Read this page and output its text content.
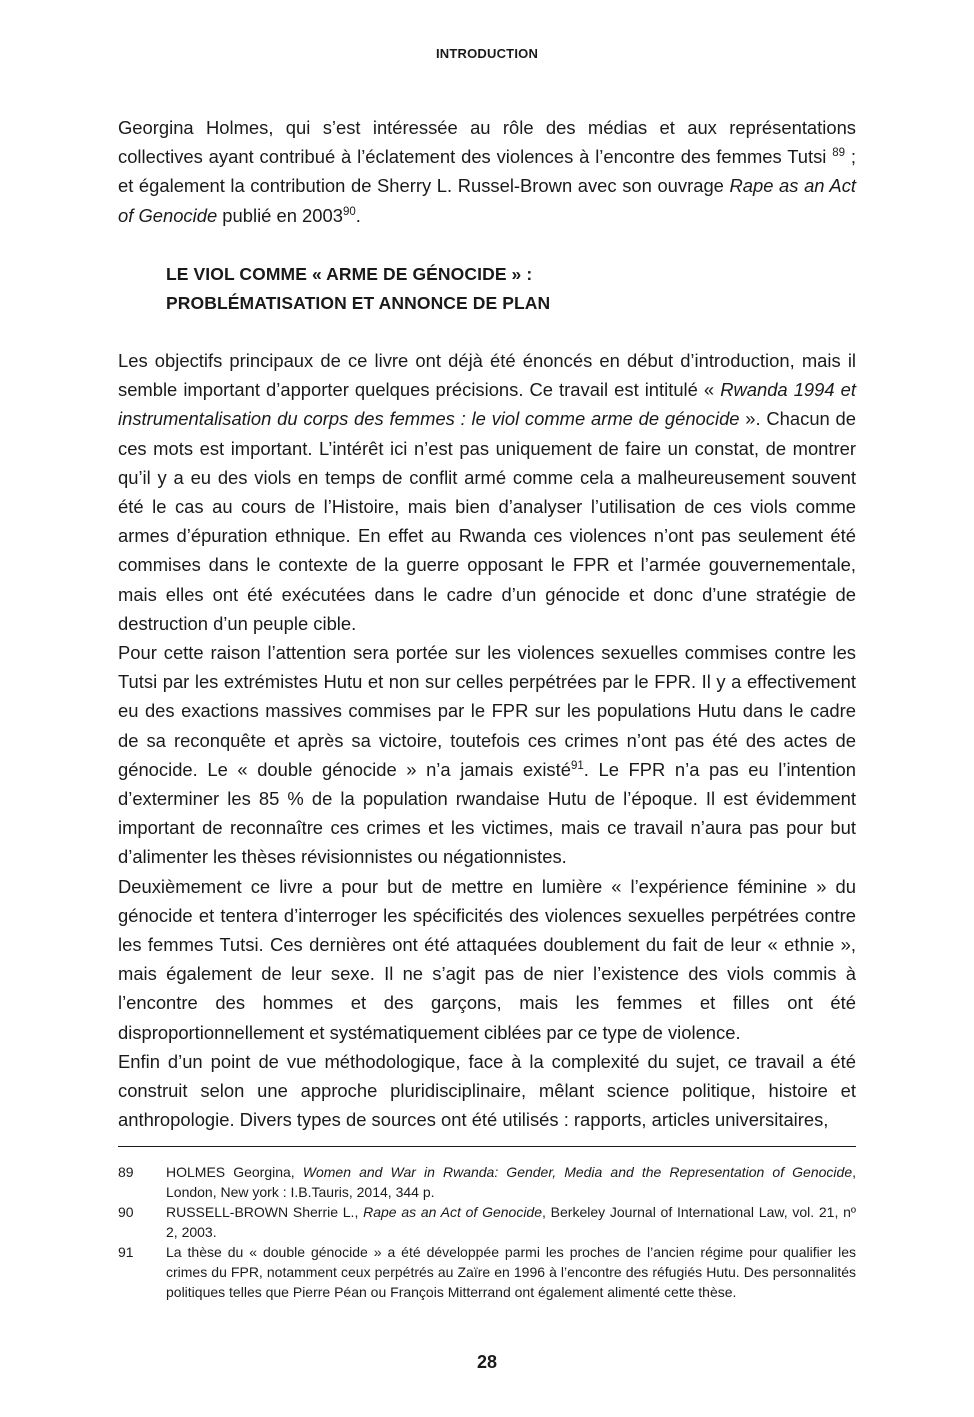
INTRODUCTION

Georgina Holmes, qui s’est intéressée au rôle des médias et aux représentations collectives ayant contribué à l’éclatement des violences à l’encontre des femmes Tutsi $^{89}$ ; et également la contribution de Sherry L. Russel-Brown avec son ouvrage Rape as an Act of Genocide publié en 2003$^{90}$.

LE VIOL COMME « ARME DE GÉNOCIDE » :
PROBLÉMATISATION ET ANNONCE DE PLAN

Les objectifs principaux de ce livre ont déjà été énoncés en début d’introduction, mais il semble important d’apporter quelques précisions. Ce travail est intitulé « Rwanda 1994 et instrumentalisation du corps des femmes : le viol comme arme de génocide ». Chacun de ces mots est important. L’intérêt ici n’est pas uniquement de faire un constat, de montrer qu’il y a eu des viols en temps de conflit armé comme cela a malheureusement souvent été le cas au cours de l’Histoire, mais bien d’analyser l’utilisation de ces viols comme armes d’épuration ethnique. En effet au Rwanda ces violences n’ont pas seulement été commises dans le contexte de la guerre opposant le FPR et l’armée gouvernementale, mais elles ont été exécutées dans le cadre d’un génocide et donc d’une stratégie de destruction d’un peuple cible.

Pour cette raison l’attention sera portée sur les violences sexuelles commises contre les Tutsi par les extrémistes Hutu et non sur celles perpétrées par le FPR. Il y a effectivement eu des exactions massives commises par le FPR sur les populations Hutu dans le cadre de sa reconquête et après sa victoire, toutefois ces crimes n’ont pas été des actes de génocide. Le « double génocide » n’a jamais existé$^{91}$. Le FPR n’a pas eu l’intention d’exterminer les 85 % de la population rwandaise Hutu de l’époque. Il est évidemment important de reconnaître ces crimes et les victimes, mais ce travail n’aura pas pour but d’alimenter les thèses révisionnistes ou négationnistes.

Deuxièmement ce livre a pour but de mettre en lumière « l’expérience féminine » du génocide et tentera d’interroger les spécificités des violences sexuelles perpétrées contre les femmes Tutsi. Ces dernières ont été attaquées doublement du fait de leur « ethnie », mais également de leur sexe. Il ne s’agit pas de nier l’existence des viols commis à l’encontre des hommes et des garçons, mais les femmes et filles ont été disproportionnellement et systématiquement ciblées par ce type de violence.

Enfin d’un point de vue méthodologique, face à la complexité du sujet, ce travail a été construit selon une approche pluridisciplinaire, mêlant science politique, histoire et anthropologie. Divers types de sources ont été utilisés : rapports, articles universitaires,

89	HOLMES Georgina, Women and War in Rwanda: Gender, Media and the Representation of Genocide, London, New york : I.B.Tauris, 2014, 344 p.
90	RUSSELL-BROWN Sherrie L., Rape as an Act of Genocide, Berkeley Journal of International Law, vol. 21, nº 2, 2003.
91	La thèse du « double génocide » a été développée parmi les proches de l’ancien régime pour qualifier les crimes du FPR, notamment ceux perpétrés au Zaïre en 1996 à l’encontre des réfugiés Hutu. Des personnalités politiques telles que Pierre Péan ou François Mitterrand ont également alimenté cette thèse.
28
